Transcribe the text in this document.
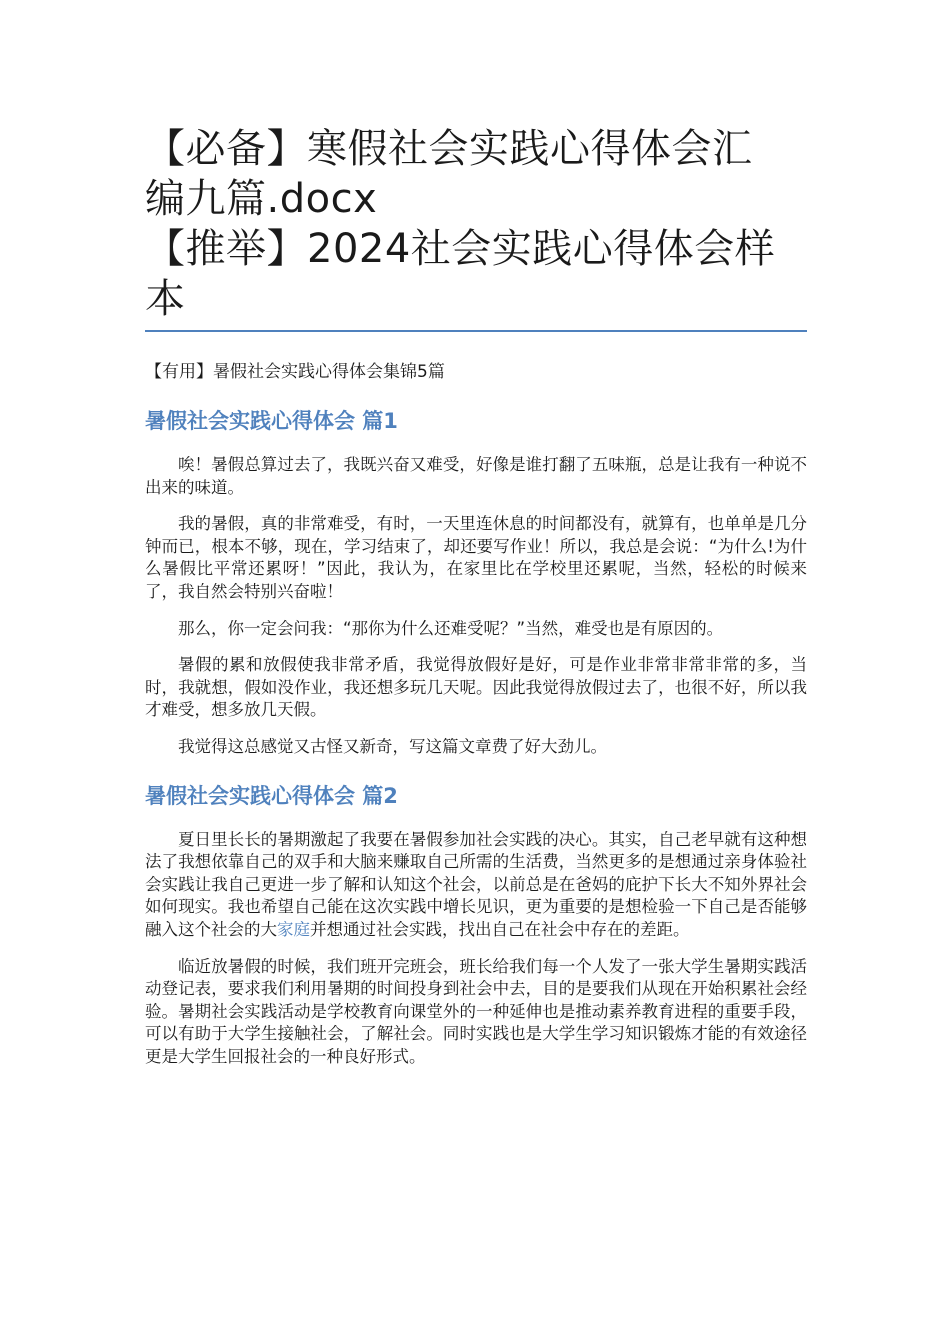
【必备】寒假社会实践心得体会汇
编九篇.docx
【推举】2024社会实践心得体会样
本

【有用】暑假社会实践心得体会集锦5篇

暑假社会实践心得体会 篇1

唉！暑假总算过去了，我既兴奋又难受，好像是谁打翻了五味瓶，总是让我有一种说不出来的味道。

我的暑假，真的非常难受，有时，一天里连休息的时间都没有，就算有，也单单是几分钟而已，根本不够，现在，学习结束了，却还要写作业！所以，我总是会说：“为什么!为什么暑假比平常还累呀！”因此，我认为，在家里比在学校里还累呢，当然，轻松的时候来了，我自然会特别兴奋啦！

那么，你一定会问我：“那你为什么还难受呢？”当然，难受也是有原因的。

暑假的累和放假使我非常矛盾，我觉得放假好是好，可是作业非常非常非常的多，当时，我就想，假如没作业，我还想多玩几天呢。因此我觉得放假过去了，也很不好，所以我才难受，想多放几天假。

我觉得这总感觉又古怪又新奇，写这篇文章费了好大劲儿。

暑假社会实践心得体会 篇2

夏日里长长的暑期激起了我要在暑假参加社会实践的决心。其实，自己老早就有这种想法了我想依靠自己的双手和大脑来赚取自己所需的生活费，当然更多的是想通过亲身体验社会实践让我自己更进一步了解和认知这个社会，以前总是在爸妈的庇护下长大不知外界社会如何现实。我也希望自己能在这次实践中增长见识，更为重要的是想检验一下自己是否能够融入这个社会的大家庭并想通过社会实践，找出自己在社会中存在的差距。

临近放暑假的时候，我们班开完班会，班长给我们每一个人发了一张大学生暑期实践活动登记表，要求我们利用暑期的时间投身到社会中去，目的是要我们从现在开始积累社会经验。暑期社会实践活动是学校教育向课堂外的一种延伸也是推动素养教育进程的重要手段，可以有助于大学生接触社会，了解社会。同时实践也是大学生学习知识锻炼才能的有效途径更是大学生回报社会的一种良好形式。
